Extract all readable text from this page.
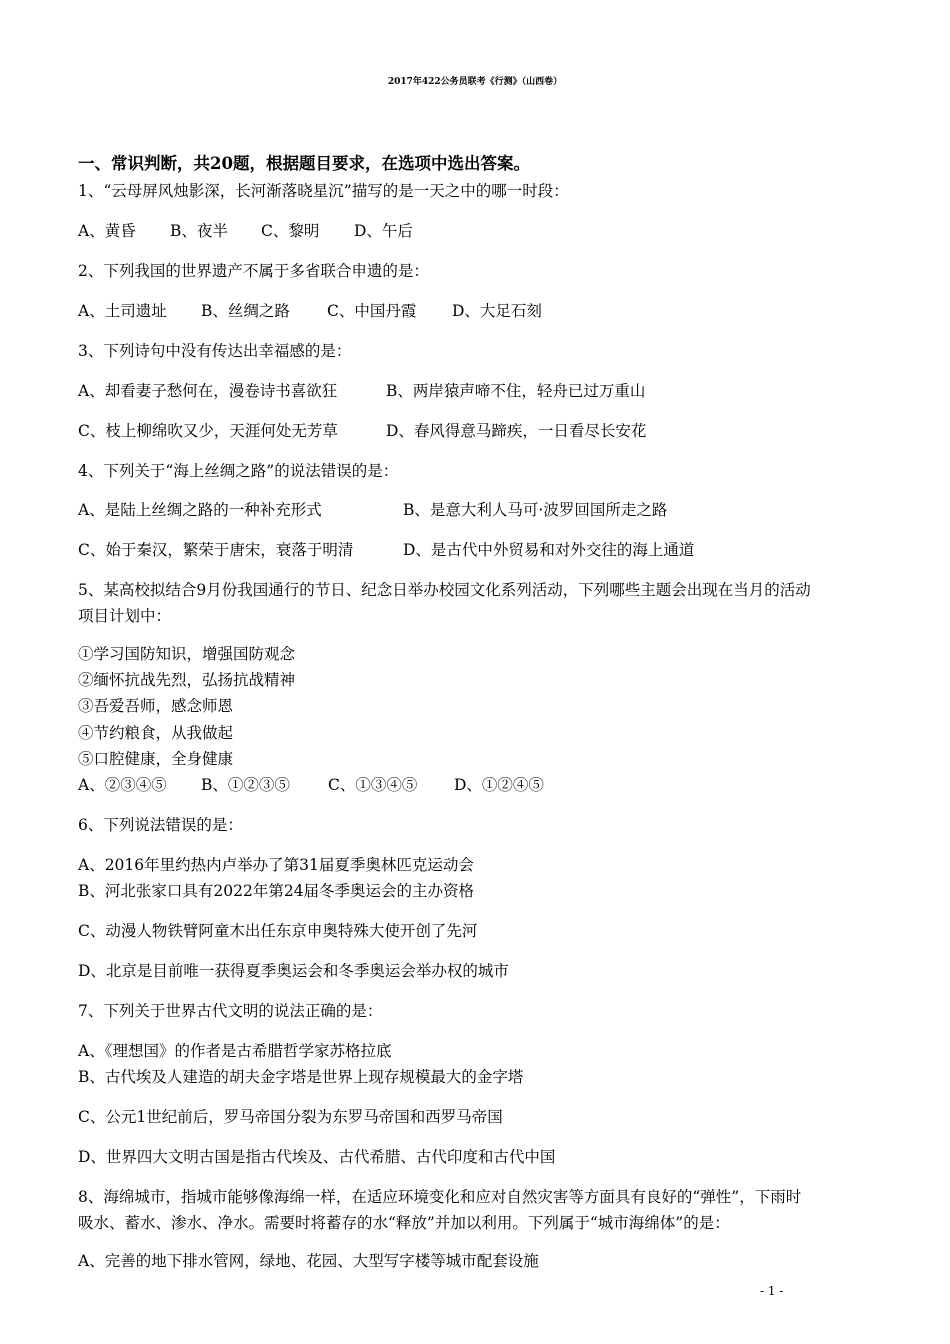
2017年422公务员联考《行测》（山西卷）
一、常识判断，共20题，根据题目要求，在选项中选出答案。
1、“云母屏风烛影深，长河渐落晓星沉”描写的是一天之中的哪一时段：
A、黄昏 B、夜半 C、黎明 D、午后
2、下列我国的世界遗产不属于多省联合申遗的是：
A、土司遗址 B、丝绸之路 C、中国丹霞 D、大足石刻
3、下列诗句中没有传达出幸福感的是：
A、却看妻子愁何在，漫卷诗书喜欲狂	B、两岸猿声啼不住，轻舟已过万重山
C、枝上柳绵吹又少，天涯何处无芳草	D、春风得意马蹄疾，一日看尽长安花
4、下列关于“海上丝绸之路”的说法错误的是：
A、是陆上丝绸之路的一种补充形式	B、是意大利人马可·波罗回国所走之路
C、始于秦汉，繁荣于唐宋，衰落于明清	D、是古代中外贸易和对外交往的海上通道
5、某高校拟结合9月份我国通行的节日、纪念日举办校园文化系列活动，下列哪些主题会出现在当月的活动
项目计划中：
①学习国防知识，增强国防观念
②缅怀抗战先烈，弘扬抗战精神
③吾爱吾师，感念师恩
④节约粮食，从我做起
⑤口腔健康，全身健康
A、②③④⑤ B、①②③⑤ C、①③④⑤ D、①②④⑤
6、下列说法错误的是：
A、2016年里约热内卢举办了第31届夏季奥林匹克运动会
B、河北张家口具有2022年第24届冬季奥运会的主办资格
C、动漫人物铁臂阿童木出任东京申奥特殊大使开创了先河
D、北京是目前唯一获得夏季奥运会和冬季奥运会举办权的城市
7、下列关于世界古代文明的说法正确的是：
A、《理想国》的作者是古希腊哲学家苏格拉底
B、古代埃及人建造的胡夫金字塔是世界上现存规模最大的金字塔
C、公元1世纪前后，罗马帝国分裂为东罗马帝国和西罗马帝国
D、世界四大文明古国是指古代埃及、古代希腊、古代印度和古代中国
8、海绵城市，指城市能够像海绵一样，在适应环境变化和应对自然灾害等方面具有良好的“弹性”，下雨时
吸水、蓄水、渗水、净水。需要时将蓄存的水“释放”并加以利用。下列属于“城市海绵体”的是：
A、完善的地下排水管网，绿地、花园、大型写字楼等城市配套设施
- 1 -
